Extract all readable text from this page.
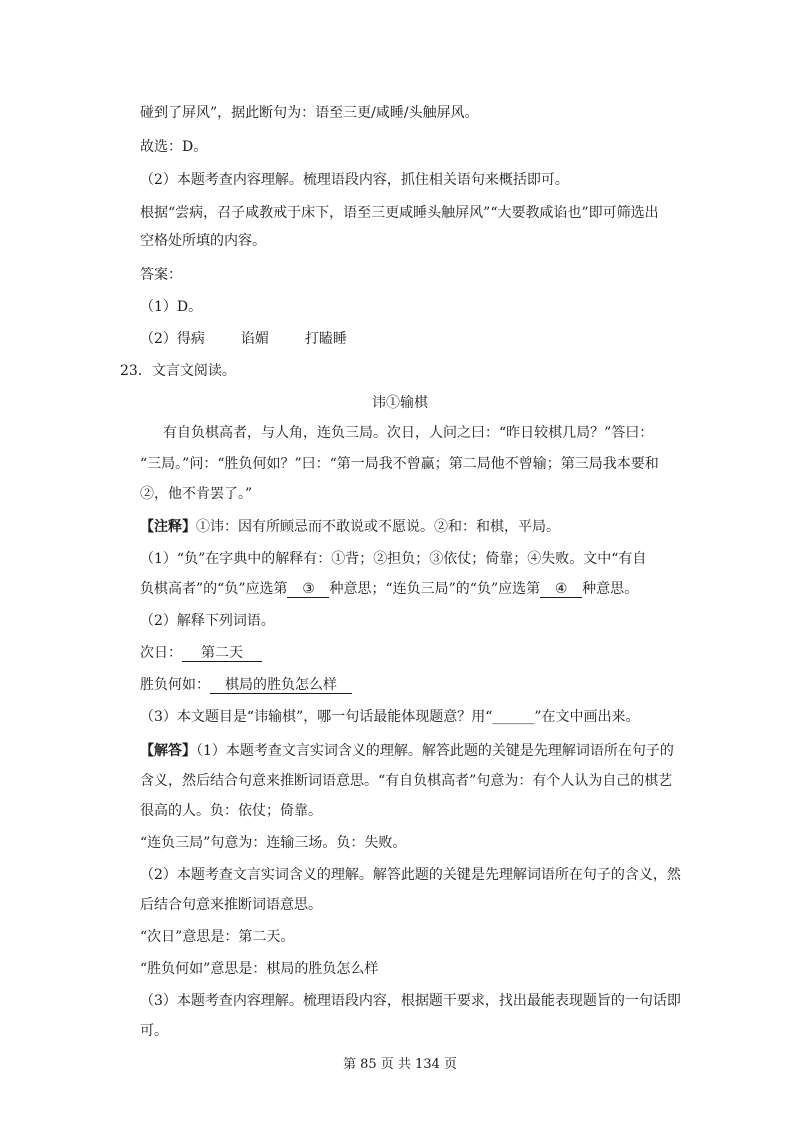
碰到了屏风”，据此断句为：语至三更/咸睡/头触屏风。
故选：D。
（2）本题考查内容理解。梳理语段内容，抓住相关语句来概括即可。
根据“尝病，召子咸教戒于床下，语至三更咸睡头触屏风”“大要教咸谄也”即可筛选出
空格处所填的内容。
答案：
（1）D。
（2）得病	谄媚	打瞌睡
23．文言文阅读。
讳①输棋
有自负棋高者，与人角，连负三局。次日，人问之曰：“昨日较棋几局？”答曰：
“三局。”问：“胜负何如？”曰：“第一局我不曾赢；第二局他不曾输；第三局我本要和
②，他不肯罢了。”
【注释】①讳：因有所顾忌而不敢说或不愿说。②和：和棋，平局。
（1）“负”在字典中的解释有：①背；②担负；③依仗；倚靠；④失败。文中“有自
负棋高者”的“负”应选第 ③ 种意思；“连负三局”的“负”应选第 ④ 种意思。
（2）解释下列词语。
次日： 第二天
胜负何如： 棋局的胜负怎么样
（3）本文题目是“讳输棋”，哪一句话最能体现题意？用“______”在文中画出来。
【解答】（1）本题考查文言实词含义的理解。解答此题的关键是先理解词语所在句子的
含义，然后结合句意来推断词语意思。“有自负棋高者”句意为：有个人认为自己的棋艺
很高的人。负：依仗；倚靠。
“连负三局”句意为：连输三场。负：失败。
（2）本题考查文言实词含义的理解。解答此题的关键是先理解词语所在句子的含义，然
后结合句意来推断词语意思。
“次日”意思是：第二天。
“胜负何如”意思是：棋局的胜负怎么样
（3）本题考查内容理解。梳理语段内容，根据题干要求，找出最能表现题旨的一句话即
可。
第 85 页 共 134 页
